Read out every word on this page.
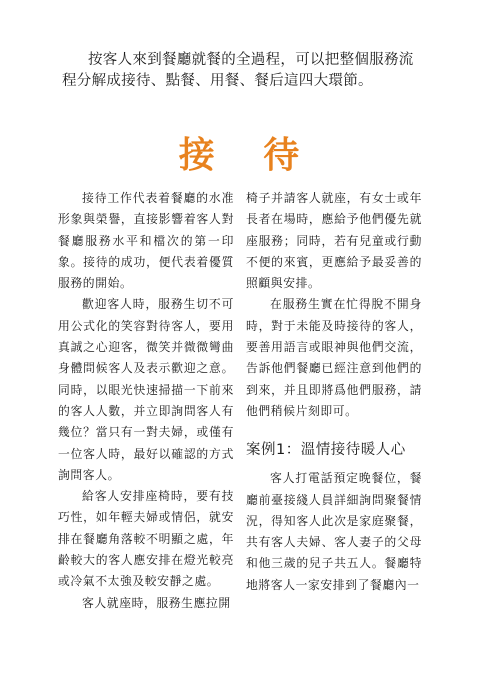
按客人來到餐廳就餐的全過程，可以把整個服務流程分解成接待、點餐、用餐、餐后這四大環節。

接 待

接待工作代表着餐廳的水准形象與榮譽，直接影響着客人對餐廳服務水平和檔次的第一印象。接待的成功，便代表着優質服務的開始。

歡迎客人時，服務生切不可用公式化的笑容對待客人，要用真誠之心迎客，微笑并微微彎曲身體問候客人及表示歡迎之意。同時，以眼光快速掃描一下前來的客人人數，并立即詢問客人有幾位？當只有一對夫婦，或僅有一位客人時，最好以確認的方式詢問客人。

給客人安排座椅時，要有技巧性，如年輕夫婦或情侶，就安排在餐廳角落較不明顯之處，年齡較大的客人應安排在燈光較亮或冷氣不太強及較安靜之處。

客人就座時，服務生應拉開

椅子并請客人就座，有女士或年長者在場時，應給予他們優先就座服務；同時，若有兒童或行動不便的來賓，更應給予最妥善的照顧與安排。

在服務生實在忙得脫不開身時，對于未能及時接待的客人，要善用語言或眼神與他們交流，告訴他們餐廳已經注意到他們的到來，并且即將爲他們服務，請他們稍候片刻即可。

案例1：溫情接待暖人心

客人打電話預定晚餐位，餐廳前臺接綫人員詳細詢問聚餐情況，得知客人此次是家庭聚餐，共有客人夫婦、客人妻子的父母和他三歲的兒子共五人。餐廳特地將客人一家安排到了餐廳內一
